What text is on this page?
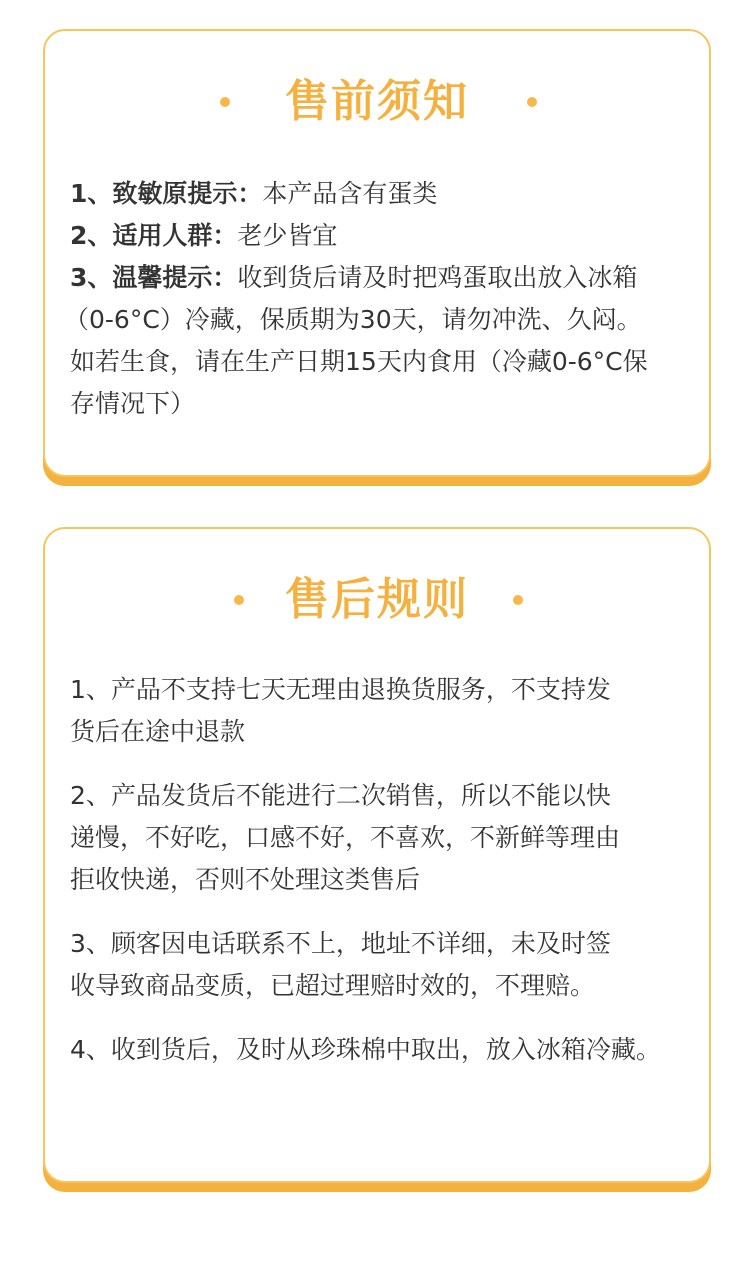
售前须知
1、致敏原提示：本产品含有蛋类
2、适用人群：老少皆宜
3、温馨提示：收到货后请及时把鸡蛋取出放入冰箱
（0-6°C）冷藏，保质期为30天，请勿冲洗、久闷。
如若生食，请在生产日期15天内食用（冷藏0-6°C保
存情况下）
售后规则
1、产品不支持七天无理由退换货服务，不支持发
货后在途中退款
2、产品发货后不能进行二次销售，所以不能以快
递慢，不好吃，口感不好，不喜欢，不新鲜等理由
拒收快递，否则不处理这类售后
3、顾客因电话联系不上，地址不详细，未及时签
收导致商品变质，已超过理赔时效的，不理赔。
4、收到货后，及时从珍珠棉中取出，放入冰箱冷藏。
